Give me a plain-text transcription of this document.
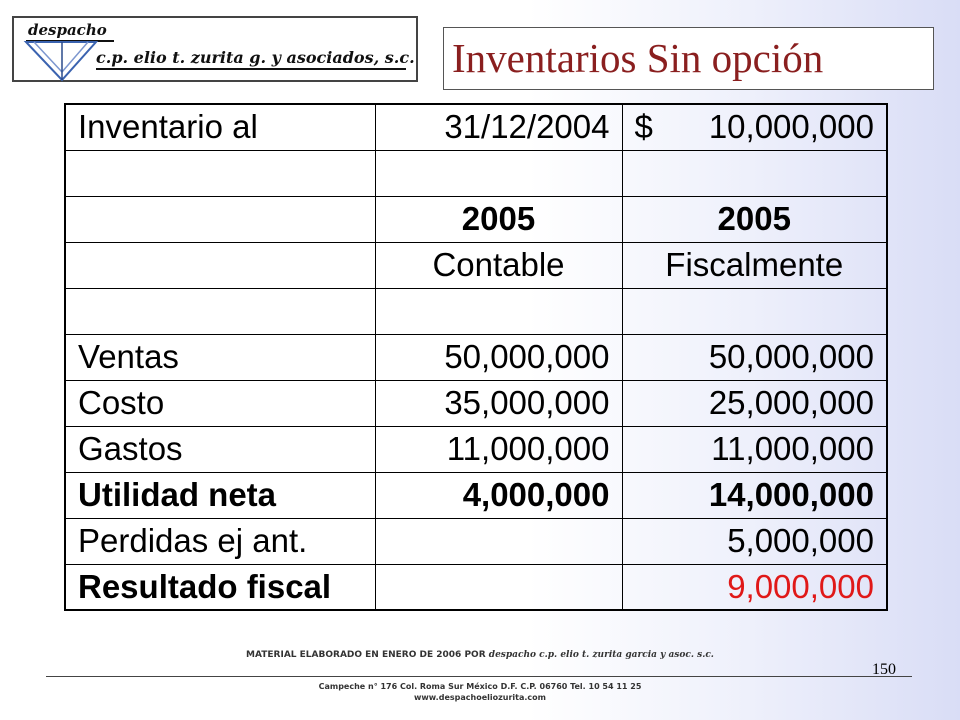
despacho
c.p. elio t. zurita g. y asociados, s.c. Inventarios Sin opción
Inventario al	31/12/2004	$ 10,000,000

	2005	2005
	Contable	Fiscalmente

Ventas	50,000,000	50,000,000
Costo	35,000,000	25,000,000
Gastos	11,000,000	11,000,000
Utilidad neta	4,000,000	14,000,000
Perdidas ej ant.		5,000,000
Resultado fiscal		9,000,000
MATERIAL ELABORADO EN ENERO DE 2006 POR despacho c.p. elio t. zurita garcia y asoc. s.c.
150
Campeche n° 176 Col. Roma Sur México D.F. C.P. 06760 Tel. 10 54 11 25
www.despachoeliozurita.com
